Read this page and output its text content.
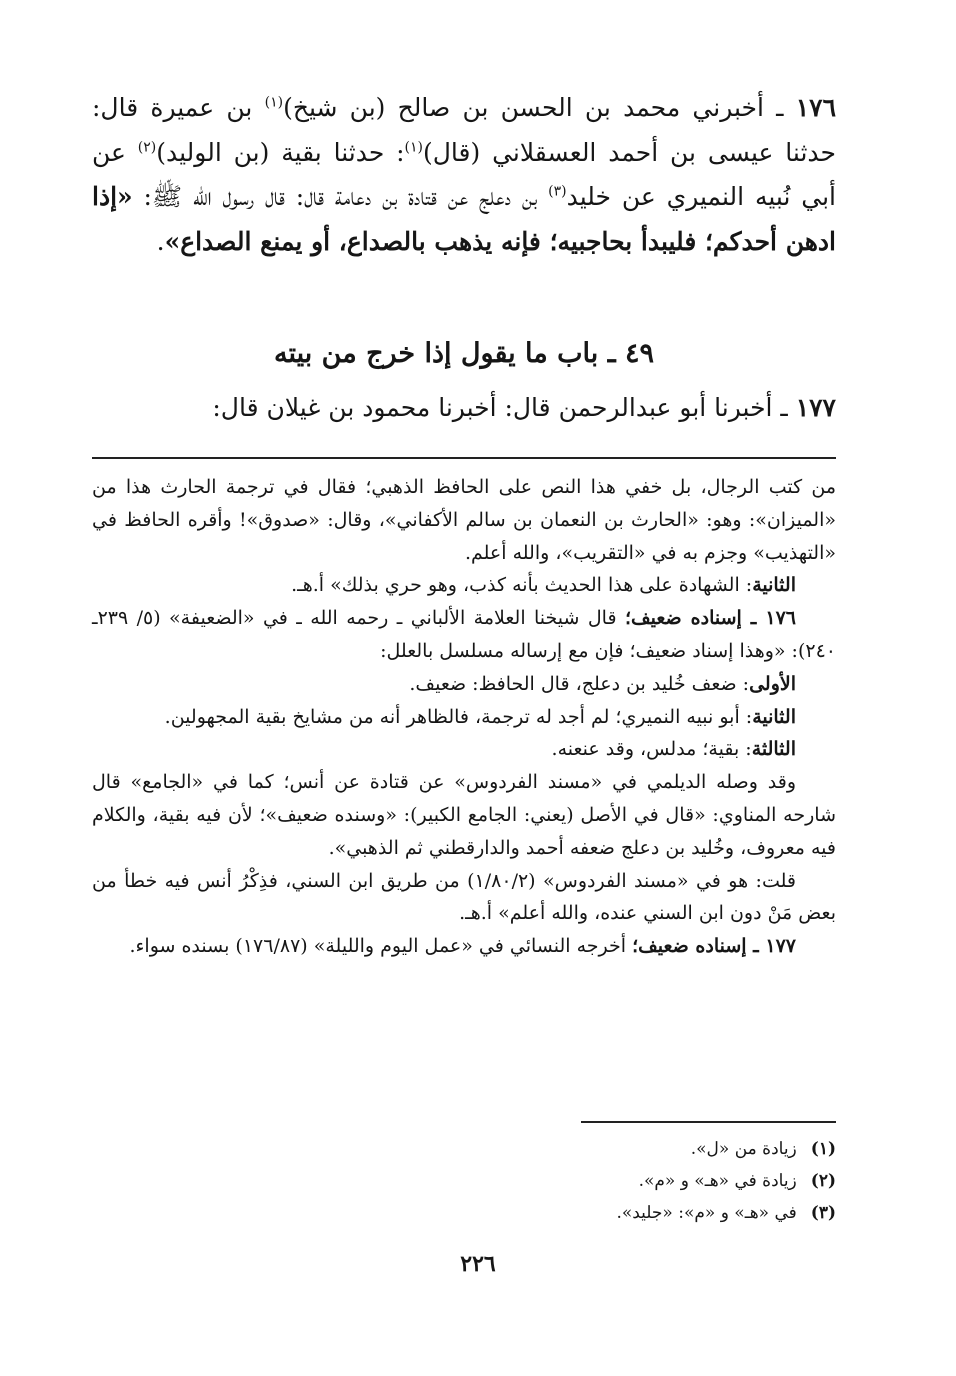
١٧٦ ـ أخبرني محمد بن الحسن بن صالح (بن شيخ)$^{(١)}$ بن عميرة قال: حدثنا عيسى بن أحمد العسقلاني (قال)$^{(١)}$: حدثنا بقية (بن الوليد)$^{(٢)}$ عن أبي نُبيه النميري عن خليد$^{(٣)}$ بن دعلج عن قتادة بن دعامة قال: قال رسول الله ﷺ: «إذا ادهن أحدكم؛ فليبدأ بحاجبيه؛ فإنه يذهب بالصداع، أو يمنع الصداع».

٤٩ ـ باب ما يقول إذا خرج من بيته
١٧٧ ـ أخبرنا أبو عبدالرحمن قال: أخبرنا محمود بن غيلان قال:

من كتب الرجال، بل خفي هذا النص على الحافظ الذهبي؛ فقال في ترجمة الحارث هذا من «الميزان»: وهو: «الحارث بن النعمان بن سالم الأكفاني»، وقال: «صدوق»! وأقره الحافظ في «التهذيب» وجزم به في «التقريب»، والله أعلم.

الثانية: الشهادة على هذا الحديث بأنه كذب، وهو حري بذلك» أ.هـ.

١٧٦ ـ إسناده ضعيف؛ قال شيخنا العلامة الألباني ـ رحمه الله ـ في «الضعيفة» (٥/ ٢٣٩ـ ٢٤٠): «وهذا إسناد ضعيف؛ فإن مع إرساله مسلسل بالعلل:

الأولى: ضعف خُليد بن دعلج، قال الحافظ: ضعيف.

الثانية: أبو نبيه النميري؛ لم أجد له ترجمة، فالظاهر أنه من مشايخ بقية المجهولين.

الثالثة: بقية؛ مدلس، وقد عنعنه.

وقد وصله الديلمي في «مسند الفردوس» عن قتادة عن أنس؛ كما في «الجامع» قال شارحه المناوي: «قال في الأصل (يعني: الجامع الكبير): «وسنده ضعيف»؛ لأن فيه بقية، والكلام فيه معروف، وخُليد بن دعلج ضعفه أحمد والدارقطني ثم الذهبي».

قلت: هو في «مسند الفردوس» (١/٨٠/٢) من طريق ابن السني، فذِكْرُ أنس فيه خطأ من بعض مَنْ دون ابن السني عنده، والله أعلم» أ.هـ.

١٧٧ ـ إسناده ضعيف؛ أخرجه النسائي في «عمل اليوم والليلة» (١٧٦/٨٧) بسنده سواء.

(١)زيادة من «ل».
(٢)زيادة في «هـ» و «م».
(٣)في «هـ» و «م»: «جليد».
٢٢٦
